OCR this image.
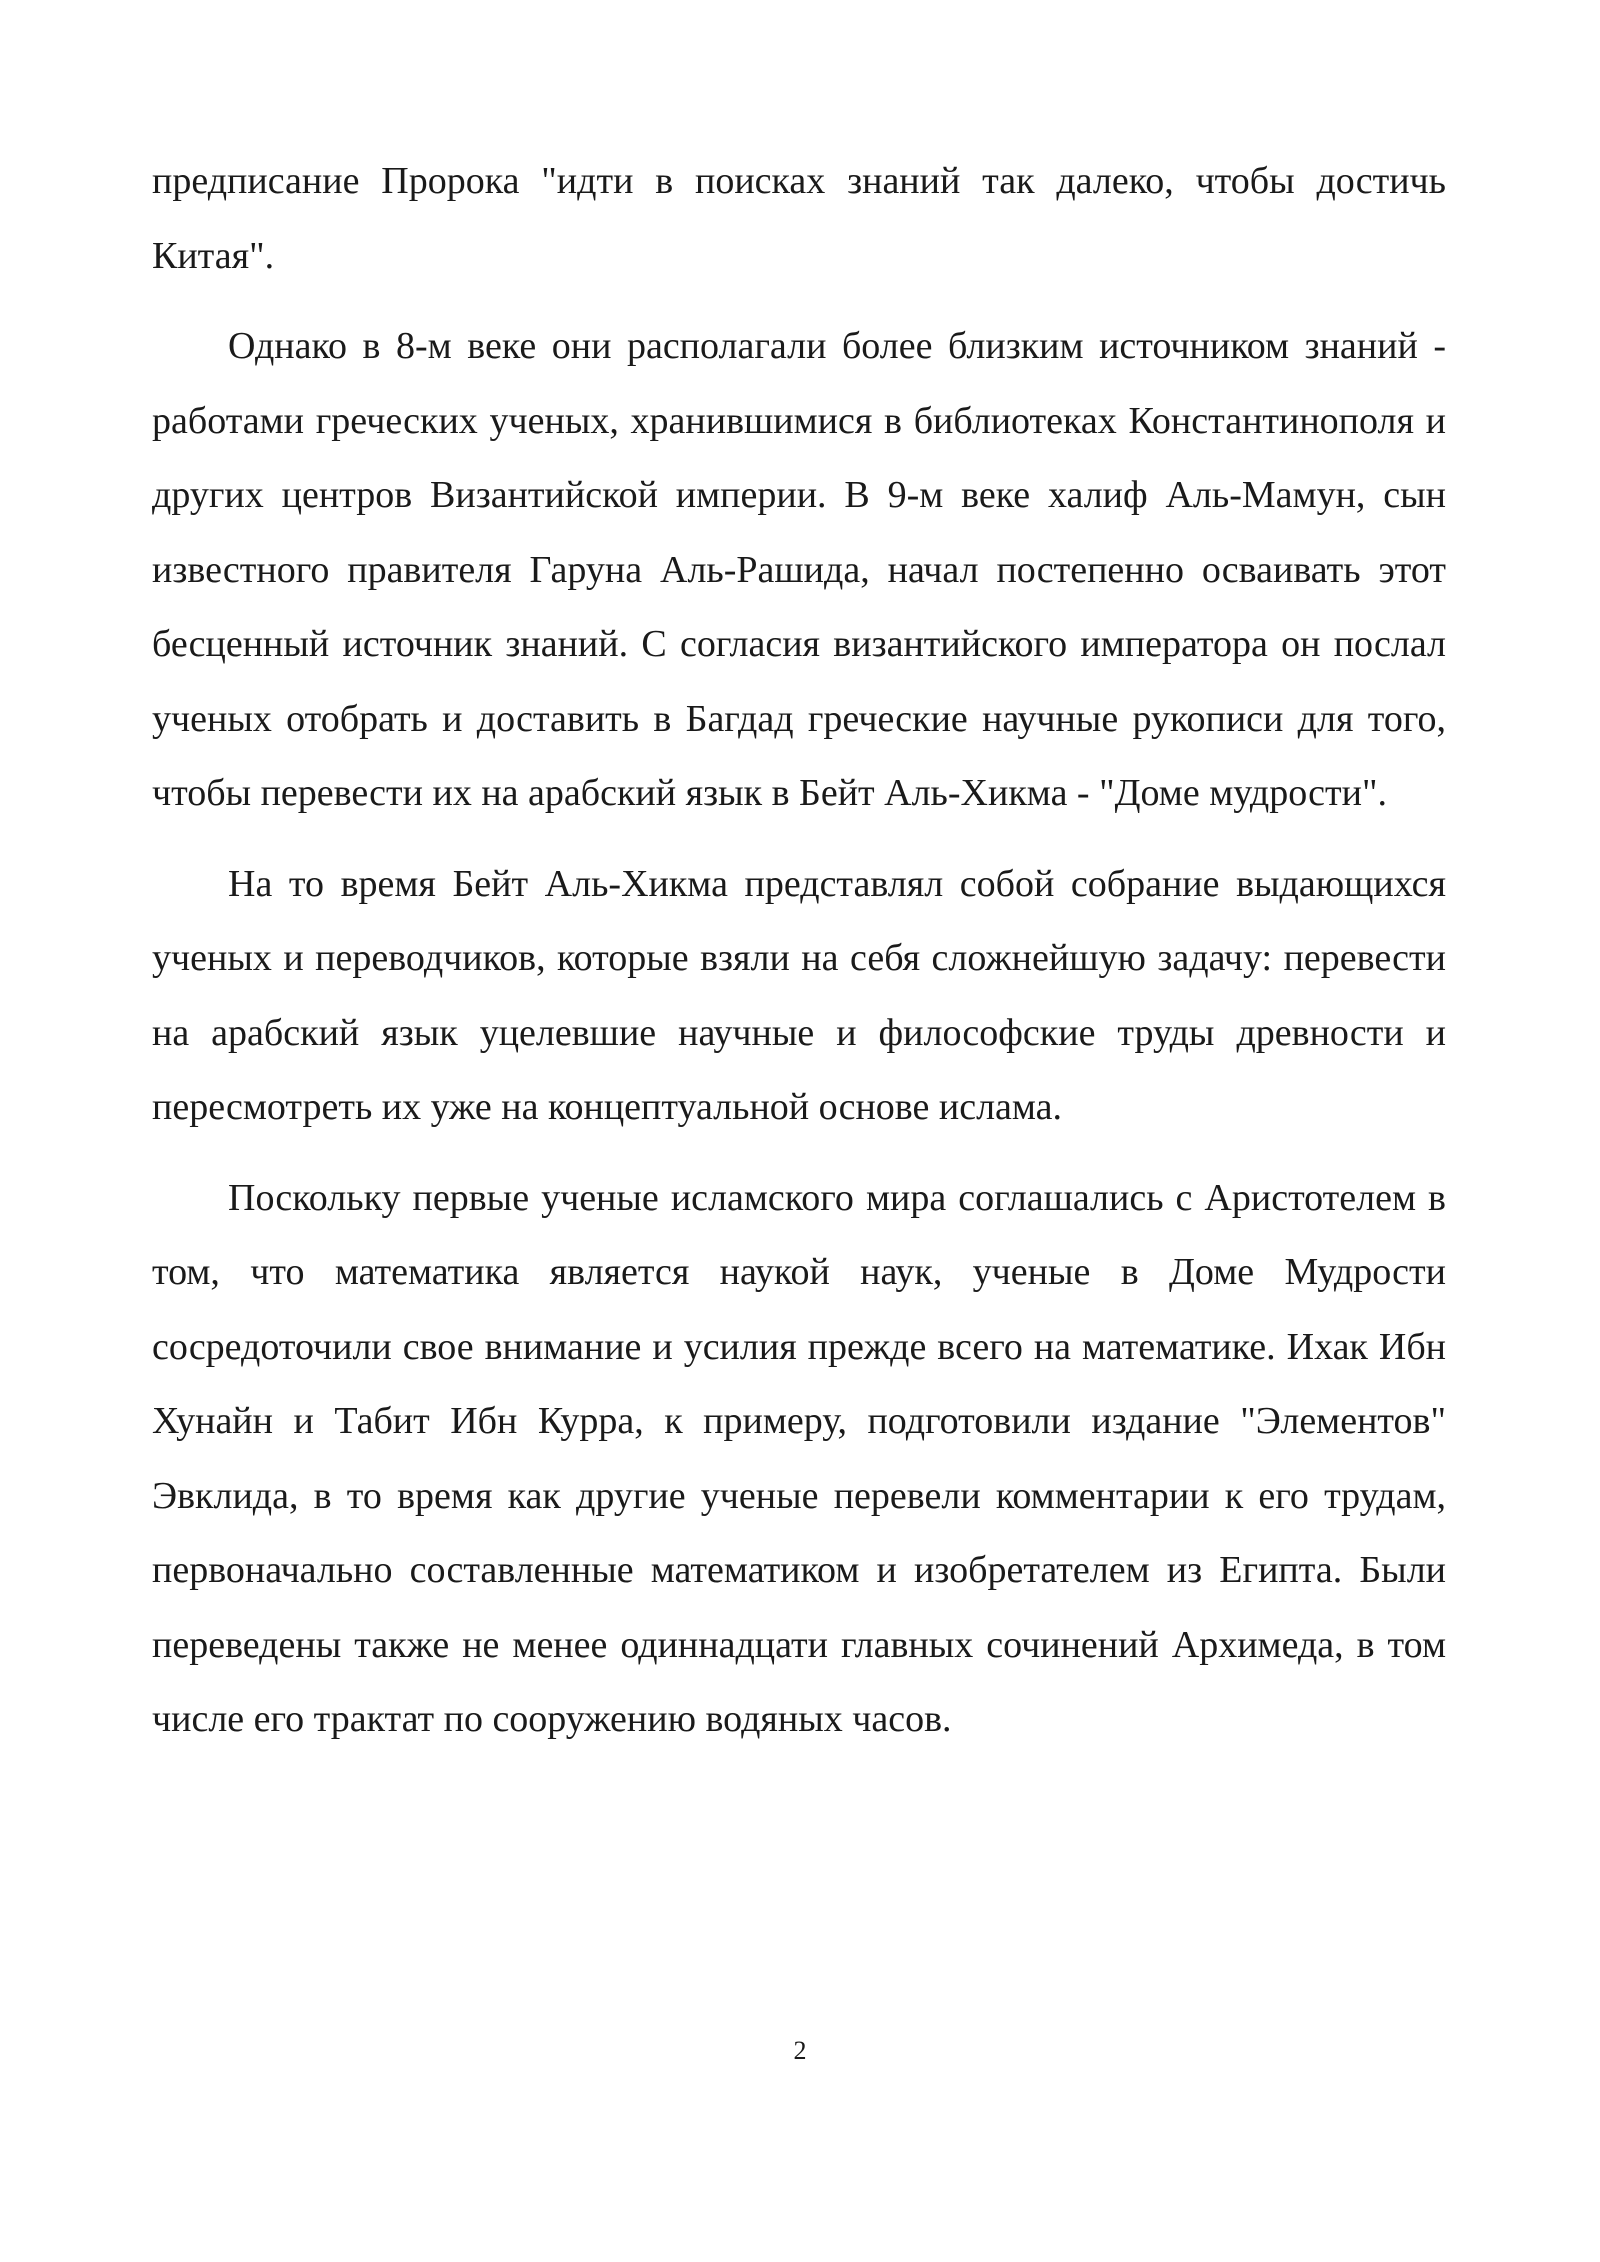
предписание Пророка "идти в поисках знаний так далеко, чтобы достичь Китая".

Однако в 8-м веке они располагали более близким источником знаний - работами греческих ученых, хранившимися в библиотеках Константинополя и других центров Византийской империи. В 9-м веке халиф Аль-Мамун, сын известного правителя Гаруна Аль-Рашида, начал постепенно осваивать этот бесценный источник знаний. С согласия византийского императора он послал ученых отобрать и доставить в Багдад греческие научные рукописи для того, чтобы перевести их на арабский язык в Бейт Аль-Хикма - "Доме мудрости".

На то время Бейт Аль-Хикма представлял собой собрание выдающихся ученых и переводчиков, которые взяли на себя сложнейшую задачу: перевести на арабский язык уцелевшие научные и философские труды древности и пересмотреть их уже на концептуальной основе ислама.

Поскольку первые ученые исламского мира соглашались с Аристотелем в том, что математика является наукой наук, ученые в Доме Мудрости сосредоточили свое внимание и усилия прежде всего на математике. Ихак Ибн Хунайн и Табит Ибн Курра, к примеру, подготовили издание "Элементов" Эвклида, в то время как другие ученые перевели комментарии к его трудам, первоначально составленные математиком и изобретателем из Египта. Были переведены также не менее одиннадцати главных сочинений Архимеда, в том числе его трактат по сооружению водяных часов.

2
